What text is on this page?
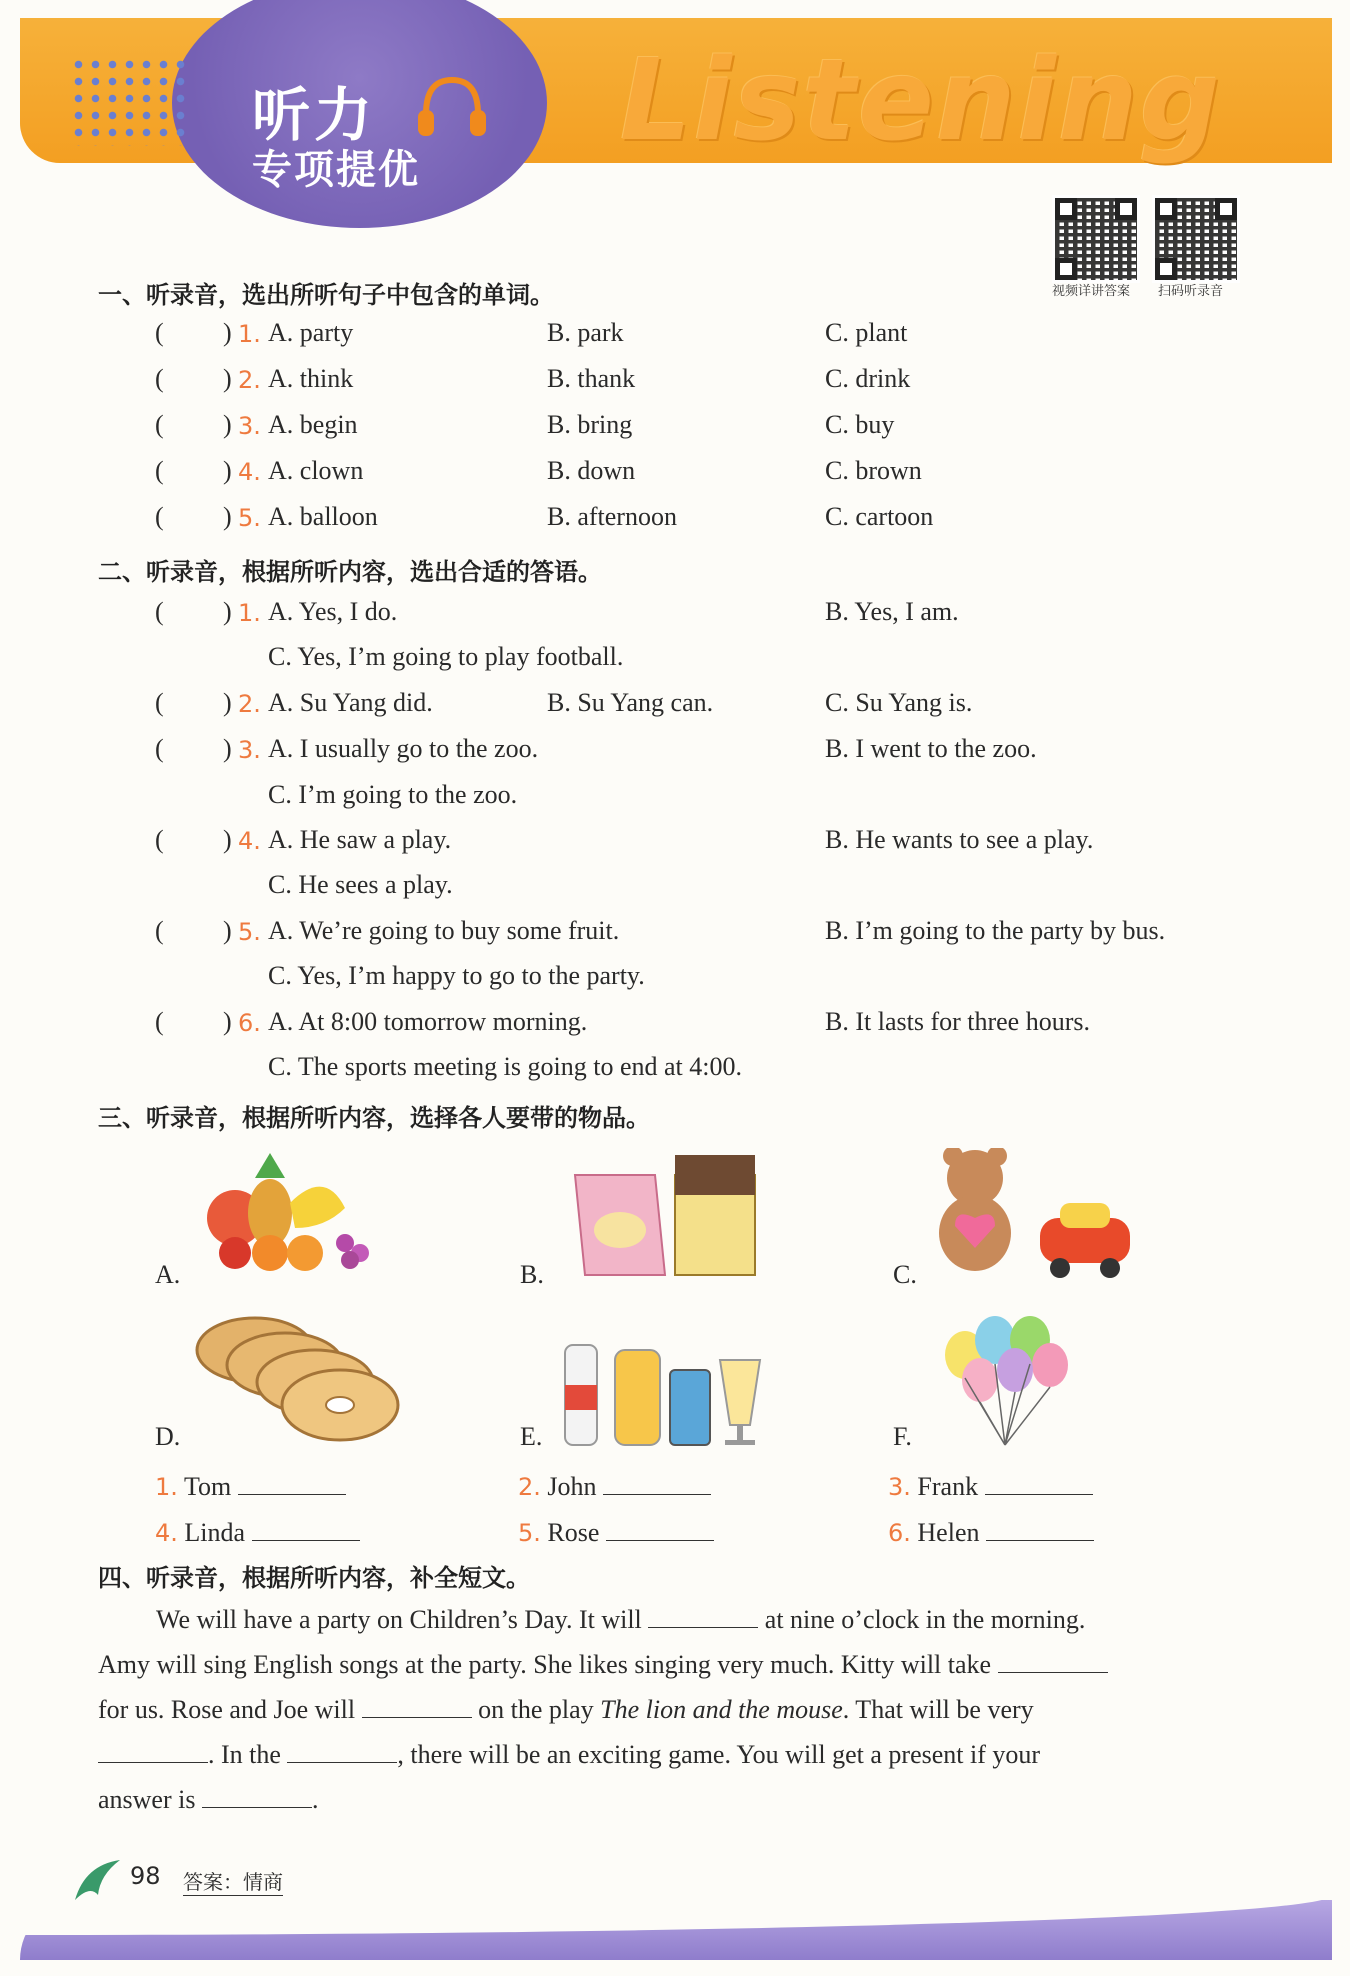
Listening
听力
专项提优
视频详讲答案 扫码听录音
一、听录音，选出所听句子中包含的单词。
( ) 1. A. party	B. park	C. plant
( ) 2. A. think	B. thank	C. drink
( ) 3. A. begin	B. bring	C. buy
( ) 4. A. clown	B. down	C. brown
( ) 5. A. balloon	B. afternoon	C. cartoon
二、听录音，根据所听内容，选出合适的答语。
( ) 1. A. Yes, I do.	B. Yes, I am.
C. Yes, I’m going to play football.
( ) 2. A. Su Yang did.	B. Su Yang can.	C. Su Yang is.
( ) 3. A. I usually go to the zoo.	B. I went to the zoo.
C. I’m going to the zoo.
( ) 4. A. He saw a play.	B. He wants to see a play.
C. He sees a play.
( ) 5. A. We’re going to buy some fruit.	B. I’m going to the party by bus.
C. Yes, I’m happy to go to the party.
( ) 6. A. At 8:00 tomorrow morning.	B. It lasts for three hours.
C. The sports meeting is going to end at 4:00.
三、听录音，根据所听内容，选择各人要带的物品。
A.	B.	C.
D.	E.	F.
1. Tom	2. John	3. Frank
4. Linda	5. Rose	6. Helen
四、听录音，根据所听内容，补全短文。
We will have a party on Children’s Day. It will	at nine o’clock in the morning.
Amy will sing English songs at the party. She likes singing very much. Kitty will take
for us. Rose and Joe will	on the play The lion and the mouse. That will be very
. In the	, there will be an exciting game. You will get a present if your
answer is	.
98 答案：情商
